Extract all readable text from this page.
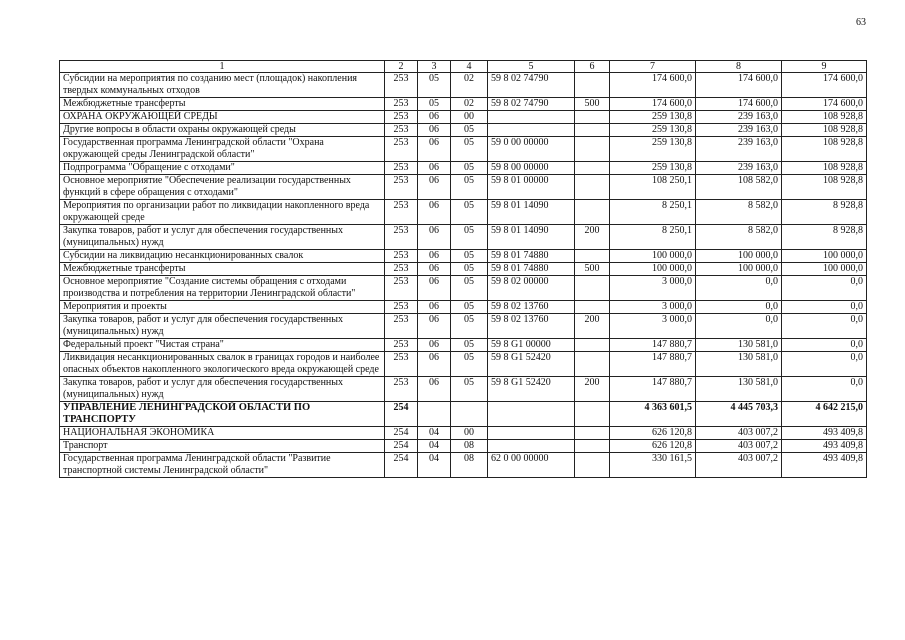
63
1	2	3	4	5	6	7	8	9
Субсидии на мероприятия по созданию мест (площадок) накопления твердых коммунальных отходов	253	05	02	59 8 02 74790		174 600,0	174 600,0	174 600,0
Межбюджетные трансферты	253	05	02	59 8 02 74790	500	174 600,0	174 600,0	174 600,0
ОХРАНА ОКРУЖАЮЩЕЙ СРЕДЫ	253	06	00			259 130,8	239 163,0	108 928,8
Другие вопросы в области охраны окружающей среды	253	06	05			259 130,8	239 163,0	108 928,8
Государственная программа Ленинградской области "Охрана окружающей среды Ленинградской области"	253	06	05	59 0 00 00000		259 130,8	239 163,0	108 928,8
Подпрограмма "Обращение с отходами"	253	06	05	59 8 00 00000		259 130,8	239 163,0	108 928,8
Основное мероприятие "Обеспечение реализации государственных функций в сфере обращения с отходами"	253	06	05	59 8 01 00000		108 250,1	108 582,0	108 928,8
Мероприятия по организации работ по ликвидации накопленного вреда окружающей среде	253	06	05	59 8 01 14090		8 250,1	8 582,0	8 928,8
Закупка товаров, работ и услуг для обеспечения государственных (муниципальных) нужд	253	06	05	59 8 01 14090	200	8 250,1	8 582,0	8 928,8
Субсидии на ликвидацию несанкционированных свалок	253	06	05	59 8 01 74880		100 000,0	100 000,0	100 000,0
Межбюджетные трансферты	253	06	05	59 8 01 74880	500	100 000,0	100 000,0	100 000,0
Основное мероприятие "Создание системы обращения с отходами производства и потребления на территории Ленинградской области"	253	06	05	59 8 02 00000		3 000,0	0,0	0,0
Мероприятия и проекты	253	06	05	59 8 02 13760		3 000,0	0,0	0,0
Закупка товаров, работ и услуг для обеспечения государственных (муниципальных) нужд	253	06	05	59 8 02 13760	200	3 000,0	0,0	0,0
Федеральный проект "Чистая страна"	253	06	05	59 8 G1 00000		147 880,7	130 581,0	0,0
Ликвидация несанкционированных свалок в границах городов и наиболее опасных объектов накопленного экологического вреда окружающей среде	253	06	05	59 8 G1 52420		147 880,7	130 581,0	0,0
Закупка товаров, работ и услуг для обеспечения государственных (муниципальных) нужд	253	06	05	59 8 G1 52420	200	147 880,7	130 581,0	0,0
УПРАВЛЕНИЕ ЛЕНИНГРАДСКОЙ ОБЛАСТИ ПО ТРАНСПОРТУ	254					4 363 601,5	4 445 703,3	4 642 215,0
НАЦИОНАЛЬНАЯ ЭКОНОМИКА	254	04	00			626 120,8	403 007,2	493 409,8
Транспорт	254	04	08			626 120,8	403 007,2	493 409,8
Государственная программа Ленинградской области "Развитие транспортной системы Ленинградской области"	254	04	08	62 0 00 00000		330 161,5	403 007,2	493 409,8
